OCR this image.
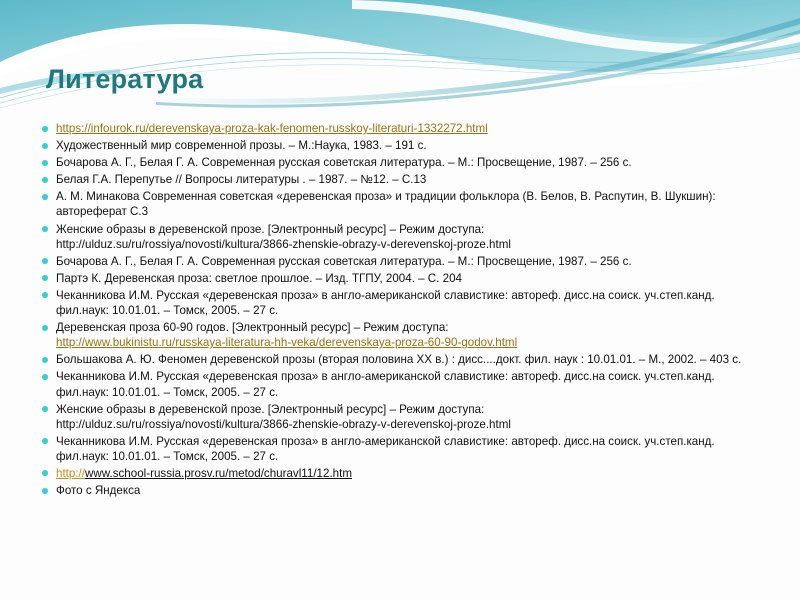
Литература
https://infourok.ru/derevenskaya-proza-kak-fenomen-russkoy-literaturi-1332272.html
Художественный мир современной прозы. – М.:Наука, 1983. – 191 с.
Бочарова А. Г., Белая Г. А. Современная русская советская литература. – М.: Просвещение, 1987. – 256 с.
Белая Г.А. Перепутье // Вопросы литературы . – 1987. – №12. – С.13
А. М. Минакова Современная советская «деревенская проза» и традиции фольклора (В. Белов, В. Распутин, В. Шукшин): автореферат С.3
Женские образы в деревенской прозе. [Электронный ресурс] – Режим доступа:
http://ulduz.su/ru/rossiya/novosti/kultura/3866-zhenskie-obrazy-v-derevenskoj-proze.html
Бочарова А. Г., Белая Г. А. Современная русская советская литература. – М.: Просвещение, 1987. – 256 с.
Партэ К. Деревенская проза: светлое прошлое. – Изд. ТГПУ, 2004. – С. 204
Чеканникова И.М. Русская «деревенская проза» в англо-американской славистике: автореф. дисс.на соиск. уч.степ.канд. фил.наук: 10.01.01. – Томск, 2005. – 27 с.
Деревенская проза 60-90 годов. [Электронный ресурс] – Режим доступа:
http://www.bukinistu.ru/russkaya-literatura-hh-veka/derevenskaya-proza-60-90-godov.html
Большакова А. Ю. Феномен деревенской прозы (вторая половина XX в.) : дисс....докт. фил. наук : 10.01.01. – М., 2002. – 403 с.
Чеканникова И.М. Русская «деревенская проза» в англо-американской славистике: автореф. дисс.на соиск. уч.степ.канд. фил.наук: 10.01.01. – Томск, 2005. – 27 с.
Женские образы в деревенской прозе. [Электронный ресурс] – Режим доступа:
http://ulduz.su/ru/rossiya/novosti/kultura/3866-zhenskie-obrazy-v-derevenskoj-proze.html
Чеканникова И.М. Русская «деревенская проза» в англо-американской славистике: автореф. дисс.на соиск. уч.степ.канд. фил.наук: 10.01.01. – Томск, 2005. – 27 с.
http://www.school-russia.prosv.ru/metod/churavl11/12.htm
Фото с Яндекса
